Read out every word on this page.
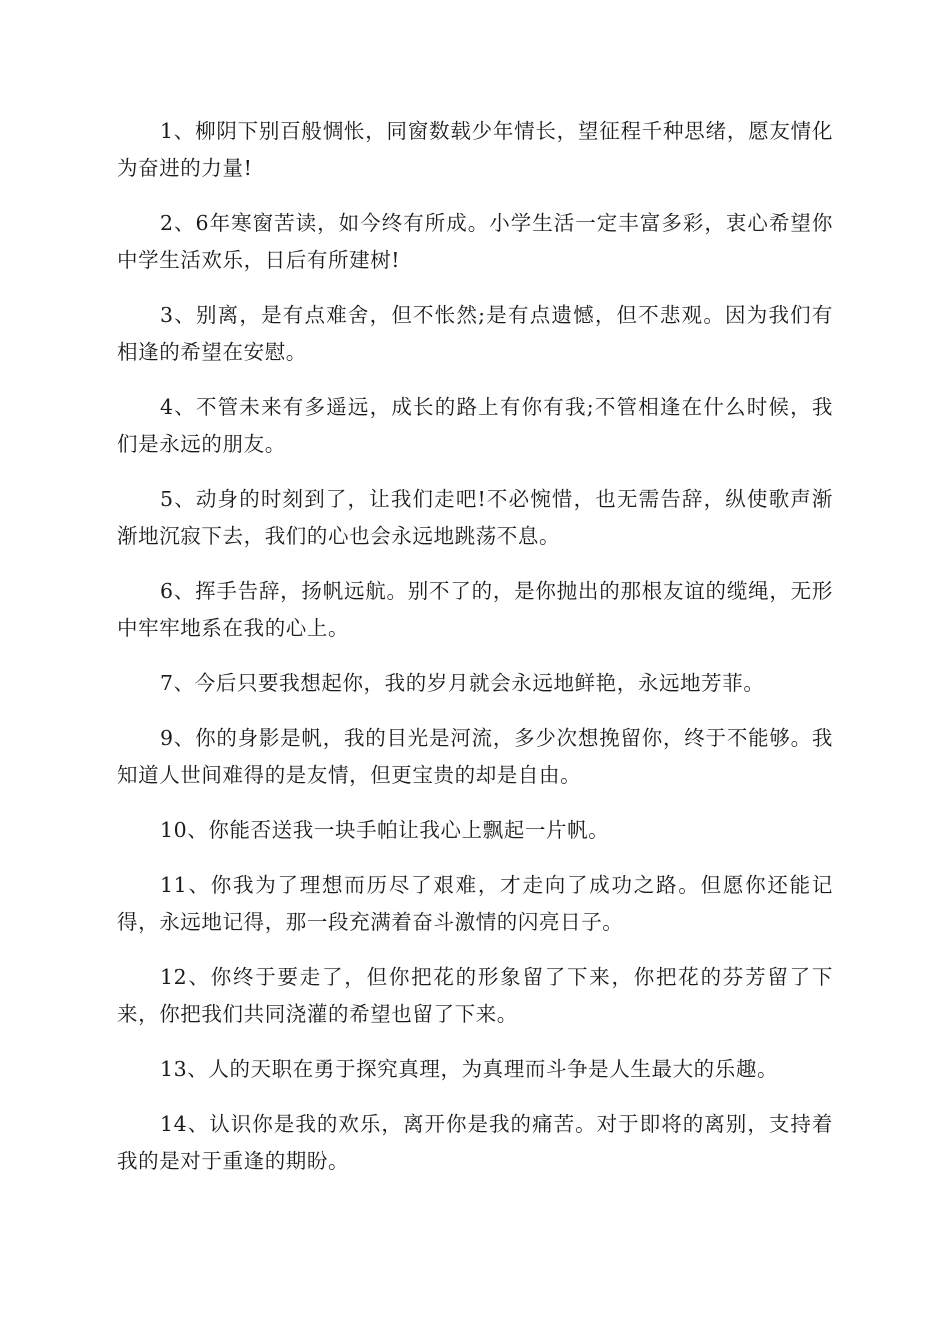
1、柳阴下别百般惆怅，同窗数载少年情长，望征程千种思绪，愿友情化为奋进的力量!

2、6年寒窗苦读，如今终有所成。小学生活一定丰富多彩，衷心希望你中学生活欢乐，日后有所建树!

3、别离，是有点难舍，但不怅然;是有点遗憾，但不悲观。因为我们有相逢的希望在安慰。

4、不管未来有多遥远，成长的路上有你有我;不管相逢在什么时候，我们是永远的朋友。

5、动身的时刻到了，让我们走吧!不必惋惜，也无需告辞，纵使歌声渐渐地沉寂下去，我们的心也会永远地跳荡不息。

6、挥手告辞，扬帆远航。别不了的，是你抛出的那根友谊的缆绳，无形中牢牢地系在我的心上。

7、今后只要我想起你，我的岁月就会永远地鲜艳，永远地芳菲。

9、你的身影是帆，我的目光是河流，多少次想挽留你，终于不能够。我知道人世间难得的是友情，但更宝贵的却是自由。

10、你能否送我一块手帕让我心上飘起一片帆。

11、你我为了理想而历尽了艰难，才走向了成功之路。但愿你还能记得，永远地记得，那一段充满着奋斗激情的闪亮日子。

12、你终于要走了，但你把花的形象留了下来，你把花的芬芳留了下来，你把我们共同浇灌的希望也留了下来。

13、人的天职在勇于探究真理，为真理而斗争是人生最大的乐趣。

14、认识你是我的欢乐，离开你是我的痛苦。对于即将的离别，支持着我的是对于重逢的期盼。
